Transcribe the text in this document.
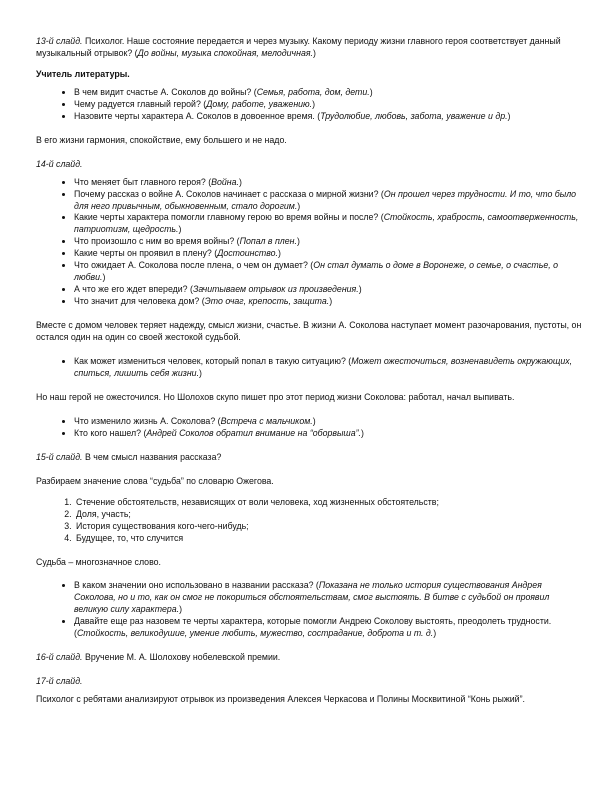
13-й слайд. Психолог. Наше состояние передается и через музыку. Какому периоду жизни главного героя соответствует данный музыкальный отрывок? (До войны, музыка спокойная, мелодичная.)

Учитель литературы.

• В чем видит счастье А. Соколов до войны? (Семья, работа, дом, дети.)
• Чему радуется главный герой? (Дому, работе, уважению.)
• Назовите черты характера А. Соколов в довоенное время. (Трудолюбие, любовь, забота, уважение и др.)

В его жизни гармония, спокойствие, ему большего и не надо.

14-й слайд.

• Что меняет быт главного героя? (Война.)
• Почему рассказ о войне А. Соколов начинает с рассказа о мирной жизни? (Он прошел через трудности. И то, что было для него привычным, обыкновенным, стало дорогим.)
• Какие черты характера помогли главному герою во время войны и после? (Стойкость, храбрость, самоотверженность, патриотизм, щедрость.)
• Что произошло с ним во время войны? (Попал в плен.)
• Какие черты он проявил в плену? (Достоинство.)
• Что ожидает А. Соколова после плена, о чем он думает? (Он стал думать о доме в Воронеже, о семье, о счастье, о любви.)
• А что же его ждет впереди? (Зачитываем отрывок из произведения.)
• Что значит для человека дом? (Это очаг, крепость, защита.)

Вместе с домом человек теряет надежду, смысл жизни, счастье. В жизни А. Соколова наступает момент разочарования, пустоты, он остался один на один со своей жестокой судьбой.

• Как может измениться человек, который попал в такую ситуацию? (Может ожесточиться, возненавидеть окружающих, спиться, лишить себя жизни.)

Но наш герой не ожесточился. Но Шолохов скупо пишет про этот период жизни Соколова: работал, начал выпивать.

• Что изменило жизнь А. Соколова? (Встреча с мальчиком.)
• Кто кого нашел? (Андрей Соколов обратил внимание на “оборвыша”.)

15-й слайд. В чем смысл названия рассказа?

Разбираем значение слова “судьба” по словарю Ожегова.

1. Стечение обстоятельств, независящих от воли человека, ход жизненных обстоятельств;
2. Доля, участь;
3. История существования кого-чего-нибудь;
4. Будущее, то, что случится

Судьба – многозначное слово.

• В каком значении оно использовано в названии рассказа? (Показана не только история существования Андрея Соколова, но и то, как он смог не покориться обстоятельствам, смог выстоять. В битве с судьбой он проявил великую силу характера.)
• Давайте еще раз назовем те черты характера, которые помогли Андрею Соколову выстоять, преодолеть трудности. (Стойкость, великодушие, умение любить, мужество, сострадание, доброта и т. д.)

16-й слайд. Вручение М. А. Шолохову нобелевской премии.

17-й слайд.

Психолог с ребятами анализируют отрывок из произведения Алексея Черкасова и Полины Москвитиной “Конь рыжий”.
